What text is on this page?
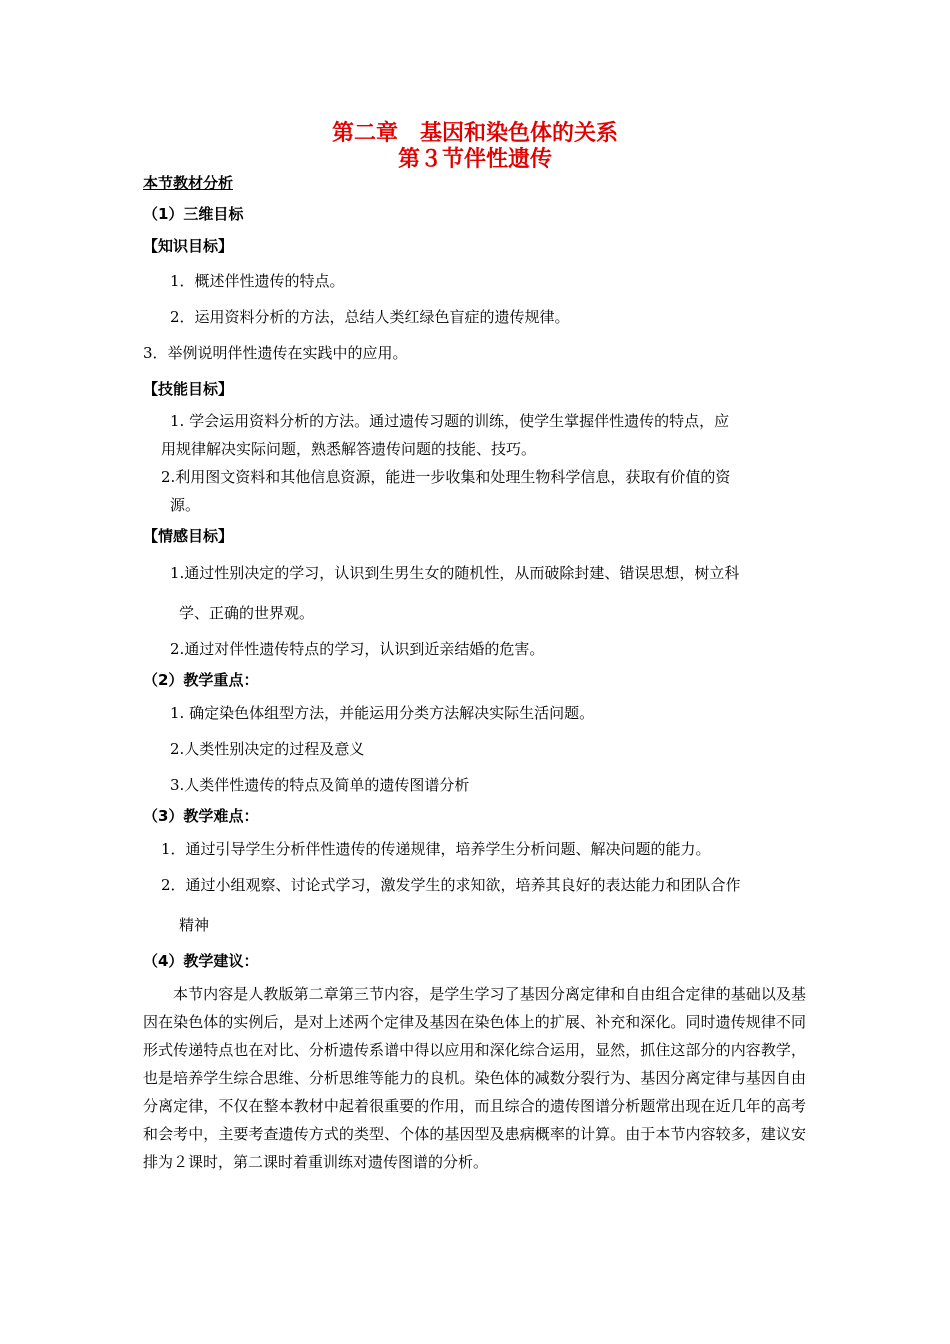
第二章　基因和染色体的关系
第３节伴性遗传
本节教材分析
（1）三维目标
【知识目标】
1．概述伴性遗传的特点。
2．运用资料分析的方法，总结人类红绿色盲症的遗传规律。
3．举例说明伴性遗传在实践中的应用。
【技能目标】
1. 学会运用资料分析的方法。通过遗传习题的训练，使学生掌握伴性遗传的特点，应
用规律解决实际问题，熟悉解答遗传问题的技能、技巧。
2.利用图文资料和其他信息资源，能进一步收集和处理生物科学信息，获取有价值的资
源。
【情感目标】
1.通过性别决定的学习，认识到生男生女的随机性，从而破除封建、错误思想，树立科
学、正确的世界观。
2.通过对伴性遗传特点的学习，认识到近亲结婚的危害。
（2）教学重点：
1. 确定染色体组型方法，并能运用分类方法解决实际生活问题。
2.人类性别决定的过程及意义
3.人类伴性遗传的特点及简单的遗传图谱分析
（3）教学难点：
1．通过引导学生分析伴性遗传的传递规律，培养学生分析问题、解决问题的能力。
2．通过小组观察、讨论式学习，激发学生的求知欲，培养其良好的表达能力和团队合作
精神
（4）教学建议：
本节内容是人教版第二章第三节内容，是学生学习了基因分离定律和自由组合定律的基础以及基因在染色体的实例后，是对上述两个定律及基因在染色体上的扩展、补充和深化。同时遗传规律不同形式传递特点也在对比、分析遗传系谱中得以应用和深化综合运用，显然，抓住这部分的内容教学，也是培养学生综合思维、分析思维等能力的良机。染色体的减数分裂行为、基因分离定律与基因自由分离定律，不仅在整本教材中起着很重要的作用，而且综合的遗传图谱分析题常出现在近几年的高考和会考中，主要考查遗传方式的类型、个体的基因型及患病概率的计算。由于本节内容较多，建议安排为２课时，第二课时着重训练对遗传图谱的分析。
